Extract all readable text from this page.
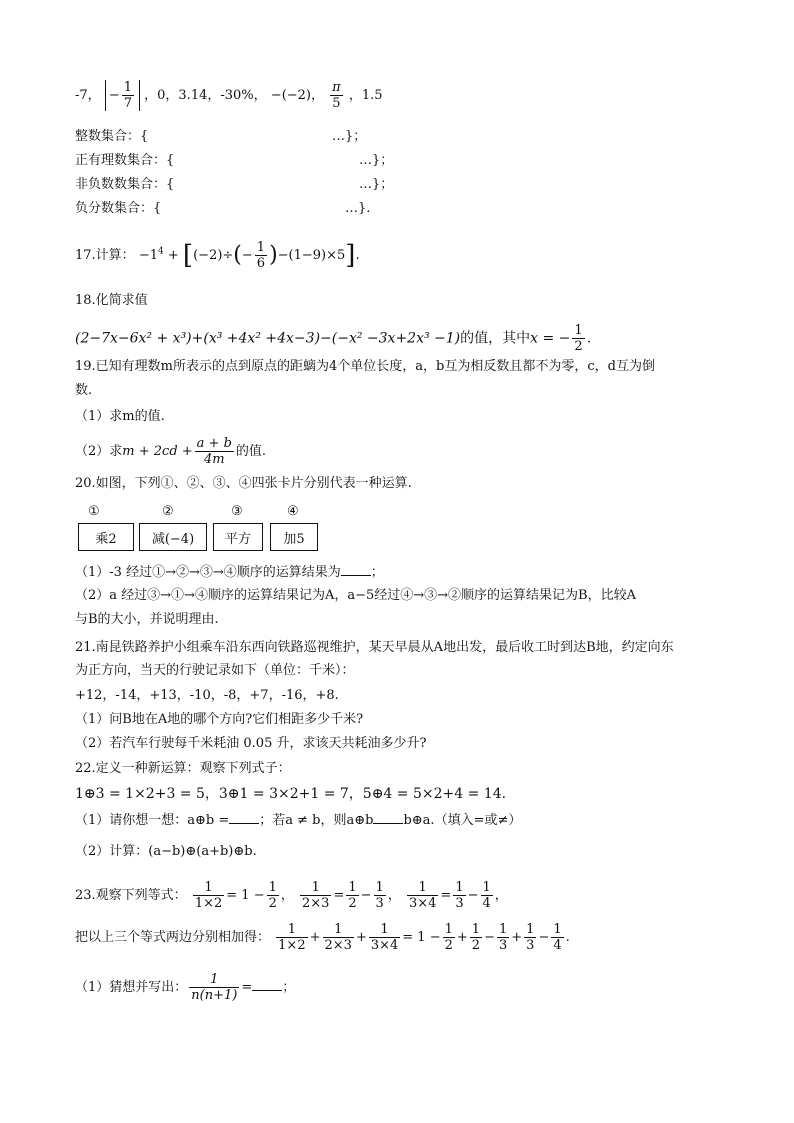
-7， − $\frac{1}{7}$ ，0，3.14，-30%， −(−2)， $\frac{\pi}{5}$ ，1.5
整数集合：{	…}；
正有理数集合：{	…}；
非负数数集合：{	…}；
负分数集合：{	…}.
17.计算： $-1^4 + [(-2)\div(- \frac{1}{6} )-(1-9)\times 5]$.
18.化简求值
(2−7x−6x² + x³)+(x³ +4x² +4x−3)−(−x² −3x+2x³ −1)的值，其中x = − $\frac{1}{2}$ .
19.已知有理数m所表示的点到原点的距螭为4个单位长度，a，b互为相反数且都不为零，c，d互为倒
数.
（1）求m的值.
（2）求$m + 2cd + \frac{a + b}{4m}$ 的值.
20.如图，下列①、②、③、④四张卡片分别代表一种运算.
①	②	③	④
乘2	减(−4) 平方 加5
（1）-3 经过①→②→③→④顺序的运算结果为 ；
（2）a 经过③→①→④顺序的运算结果记为A，a−5经过④→③→②顺序的运算结果记为B，比较A
与B的大小，并说明理由.
21.南昆铁路养护小组乘车沿东西向铁路巡视维护，某天早晨从A地出发，最后收工时到达B地，约定向东
为正方向，当天的行驶记录如下（单位：千米）：
+12，-14，+13，-10，-8，+7，-16，+8.
（1）问B地在A地的哪个方向?它们相距多少千米?
（2）若汽车行驶每千米耗油 0.05 升，求该天共耗油多少升?
22.定义一种新运算：观察下列式子：
1⊕3 = 1×2+3 = 5，3⊕1 = 3×2+1 = 7，5⊕4 = 5×2+4 = 14.
（1）请你想一想：a⊕b = ；若a ≠ b，则a⊕b b⊕a.（填入=或≠）
（2）计算：(a−b)⊕(a+b)⊕b.
23.观察下列等式： $\frac{1}{1\times 2} = 1 - \frac{1}{2}$ ， $\frac{1}{2\times 3} = \frac{1}{2} - \frac{1}{3}$ ， $\frac{1}{3\times 4} = \frac{1}{3} - \frac{1}{4}$ ，
把以上三个等式两边分别相加得： $\frac{1}{1\times 2} + \frac{1}{2\times 3} + \frac{1}{3\times 4} = 1 - \frac{1}{2} + \frac{1}{2} - \frac{1}{3} + \frac{1}{3} - \frac{1}{4}$ .
（1）猜想并写出： $\frac{1}{n(n+1)}$ = ；
